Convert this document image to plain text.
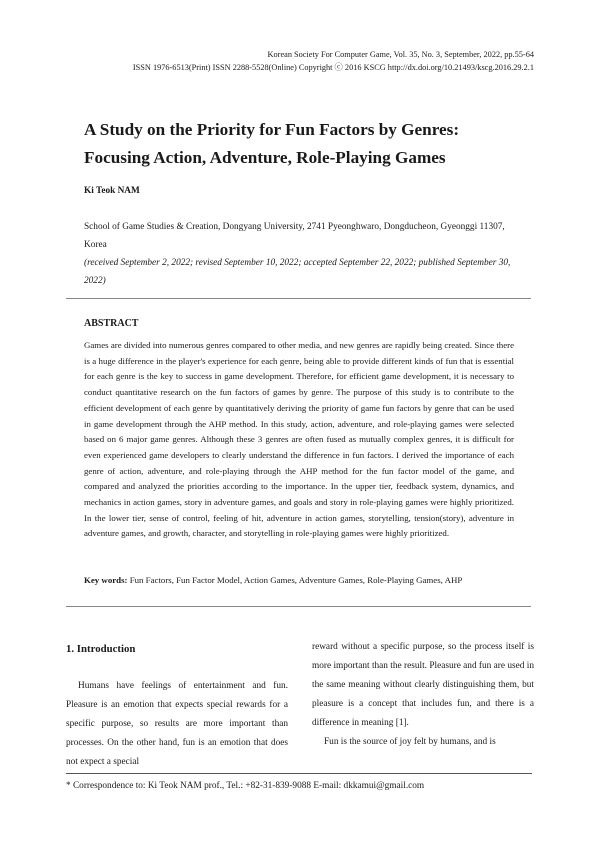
Korean Society For Computer Game, Vol. 35, No. 3, September, 2022, pp.55-64
ISSN 1976-6513(Print) ISSN 2288-5528(Online) Copyright ⓒ 2016 KSCG http://dx.doi.org/10.21493/kscg.2016.29.2.1
A Study on the Priority for Fun Factors by Genres:
Focusing Action, Adventure, Role-Playing Games
Ki Teok NAM
School of Game Studies & Creation, Dongyang University, 2741 Pyeonghwaro, Dongducheon, Gyeonggi 11307, Korea
(received September 2, 2022; revised September 10, 2022; accepted September 22, 2022; published September 30, 2022)
ABSTRACT
Games are divided into numerous genres compared to other media, and new genres are rapidly being created. Since there is a huge difference in the player's experience for each genre, being able to provide different kinds of fun that is essential for each genre is the key to success in game development. Therefore, for efficient game development, it is necessary to conduct quantitative research on the fun factors of games by genre. The purpose of this study is to contribute to the efficient development of each genre by quantitatively deriving the priority of game fun factors by genre that can be used in game development through the AHP method. In this study, action, adventure, and role-playing games were selected based on 6 major game genres. Although these 3 genres are often fused as mutually complex genres, it is difficult for even experienced game developers to clearly understand the difference in fun factors. I derived the importance of each genre of action, adventure, and role-playing through the AHP method for the fun factor model of the game, and compared and analyzed the priorities according to the importance. In the upper tier, feedback system, dynamics, and mechanics in action games, story in adventure games, and goals and story in role-playing games were highly prioritized. In the lower tier, sense of control, feeling of hit, adventure in action games, storytelling, tension(story), adventure in adventure games, and growth, character, and storytelling in role-playing games were highly prioritized.
Key words: Fun Factors, Fun Factor Model, Action Games, Adventure Games, Role-Playing Games, AHP
1. Introduction

Humans have feelings of entertainment and fun. Pleasure is an emotion that expects special rewards for a specific purpose, so results are more important than processes. On the other hand, fun is an emotion that does not expect a special

reward without a specific purpose, so the process itself is more important than the result. Pleasure and fun are used in the same meaning without clearly distinguishing them, but pleasure is a concept that includes fun, and there is a difference in meaning [1].

Fun is the source of joy felt by humans, and is

* Correspondence to: Ki Teok NAM prof., Tel.: +82-31-839-9088 E-mail: dkkamui@gmail.com
